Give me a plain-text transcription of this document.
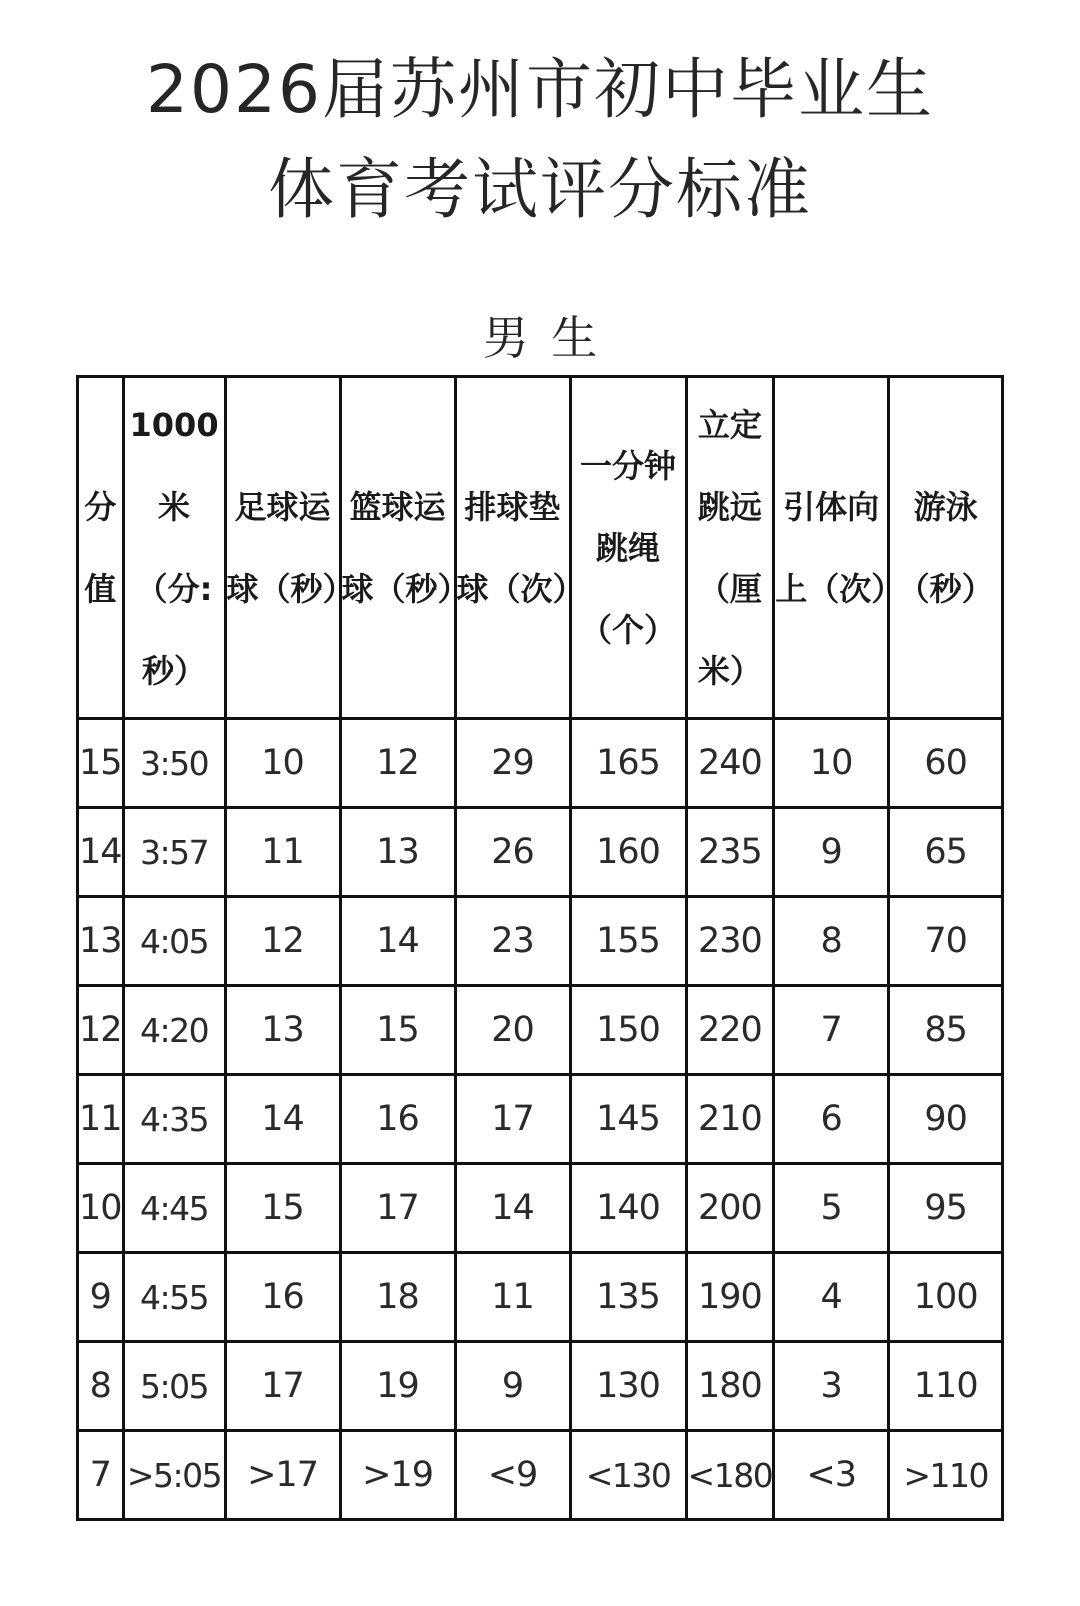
2026届苏州市初中毕业生
体育考试评分标准
男 生
分值	1000米（分:秒）	足球运球（秒）	篮球运球（秒）	排球垫球（次）	一分钟跳绳（个）	立定跳远（厘米）	引体向上（次）	游泳（秒）

15	3:50	10	12	29	165	240	10	60
14	3:57	11	13	26	160	235	9	65
13	4:05	12	14	23	155	230	8	70
12	4:20	13	15	20	150	220	7	85
11	4:35	14	16	17	145	210	6	90
10	4:45	15	17	14	140	200	5	95
9	4:55	16	18	11	135	190	4	100
8	5:05	17	19	9	130	180	3	110
7	>5:05	>17	>19	<9	<130	<180	<3	>110
